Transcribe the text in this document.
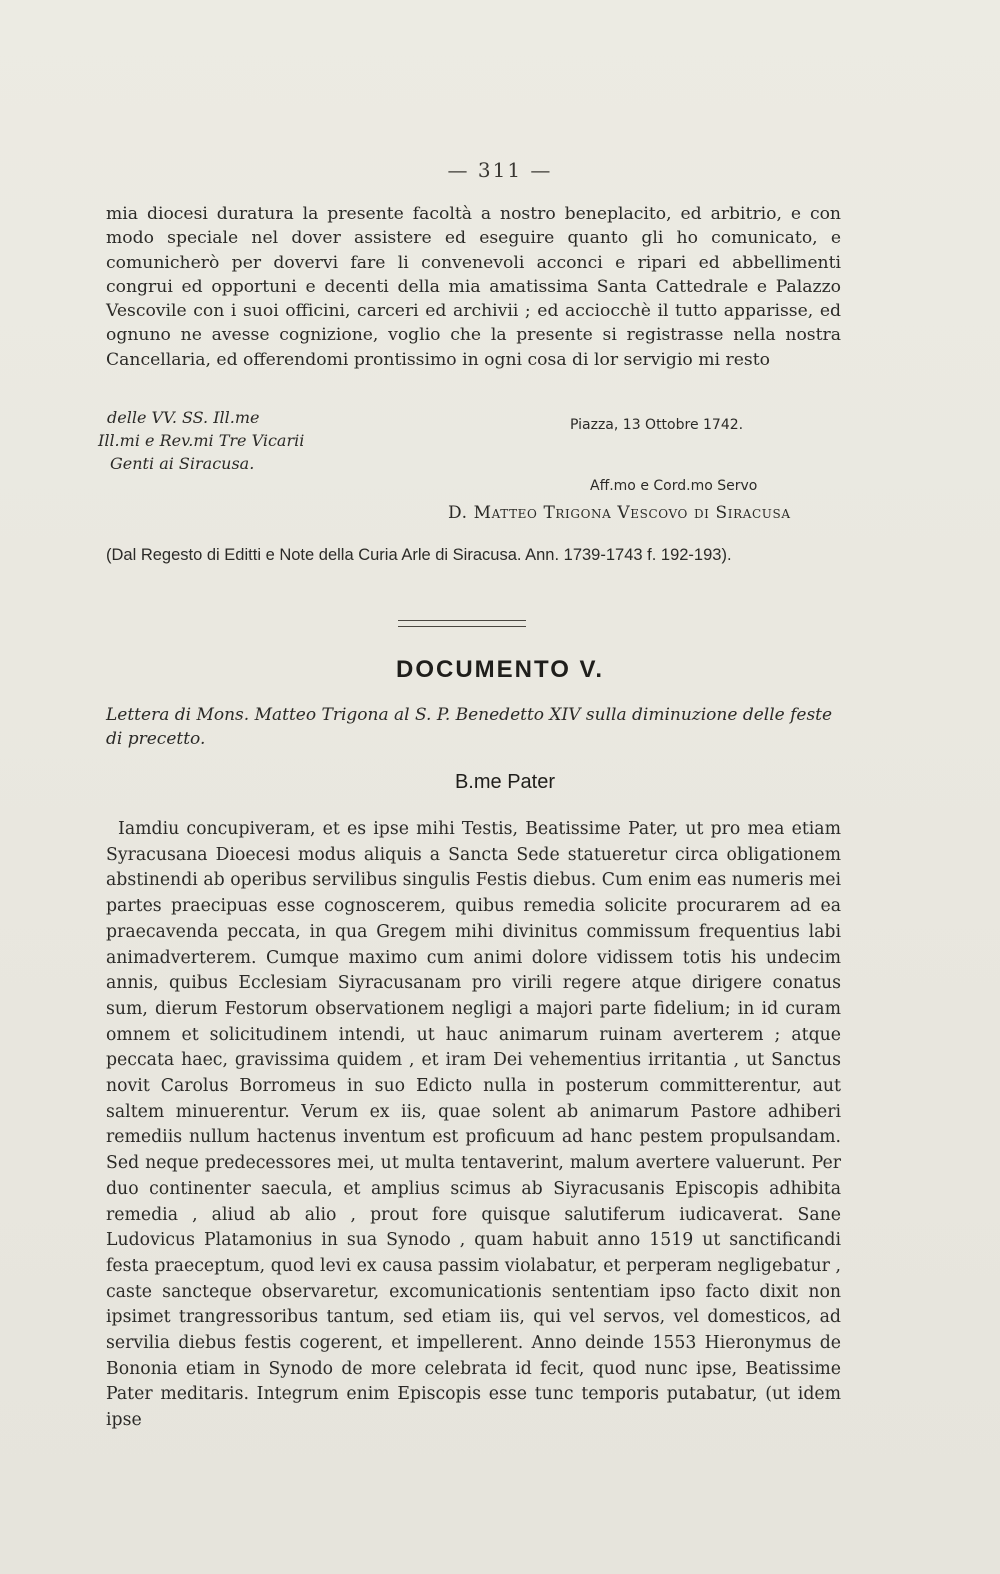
— 311 —

mia diocesi duratura la presente facoltà a nostro beneplacito, ed arbitrio, e con modo speciale nel dover assistere ed eseguire quanto gli ho comunicato, e comunicherò per dovervi fare li convenevoli acconci e ripari ed abbellimenti congrui ed opportuni e decenti della mia amatissima Santa Cattedrale e Palazzo Vescovile con i suoi officini, carceri ed archivii ; ed acciocchè il tutto apparisse, ed ognuno ne avesse cognizione, voglio che la presente si registrasse nella nostra Cancellaria, ed offerendomi prontissimo in ogni cosa di lor servigio mi resto

delle VV. SS. Ill.me
Ill.mi e Rev.mi Tre Vicarii
Genti ai Siracusa.
Piazza, 13 Ottobre 1742.
Aff.mo e Cord.mo Servo
D. Matteo Trigona Vescovo di Siracusa

(Dal Regesto di Editti e Note della Curia Arle di Siracusa. Ann. 1739-1743 f. 192-193).

DOCUMENTO V.

Lettera di Mons. Matteo Trigona al S. P. Benedetto XIV sulla diminuzione delle feste di precetto.

B.me Pater

Iamdiu concupiveram, et es ipse mihi Testis, Beatissime Pater, ut pro mea etiam Syracusana Dioecesi modus aliquis a Sancta Sede statueretur circa obligationem abstinendi ab operibus servilibus singulis Festis diebus. Cum enim eas numeris mei partes praecipuas esse cognoscerem, quibus remedia solicite procurarem ad ea praecavenda peccata, in qua Gregem mihi divinitus commissum frequentius labi animadverterem. Cumque maximo cum animi dolore vidissem totis his undecim annis, quibus Ecclesiam Siyracusanam pro virili regere atque dirigere conatus sum, dierum Festorum observationem negligi a majori parte fidelium; in id curam omnem et solicitudinem intendi, ut hauc animarum ruinam averterem ; atque peccata haec, gravissima quidem , et iram Dei vehementius irritantia , ut Sanctus novit Carolus Borromeus in suo Edicto nulla in posterum committerentur, aut saltem minuerentur. Verum ex iis, quae solent ab animarum Pastore adhiberi remediis nullum hactenus inventum est proficuum ad hanc pestem propulsandam. Sed neque predecessores mei, ut multa tentaverint, malum avertere valuerunt. Per duo continenter saecula, et amplius scimus ab Siyracusanis Episcopis adhibita remedia , aliud ab alio , prout fore quisque salutiferum iudicaverat. Sane Ludovicus Platamonius in sua Synodo , quam habuit anno 1519 ut sanctificandi festa praeceptum, quod levi ex causa passim violabatur, et perperam negligebatur , caste sancteque observaretur, excomunicationis sententiam ipso facto dixit non ipsimet trangressoribus tantum, sed etiam iis, qui vel servos, vel domesticos, ad servilia diebus festis cogerent, et impellerent. Anno deinde 1553 Hieronymus de Bononia etiam in Synodo de more celebrata id fecit, quod nunc ipse, Beatissime Pater meditaris. Integrum enim Episcopis esse tunc temporis putabatur, (ut idem ipse
